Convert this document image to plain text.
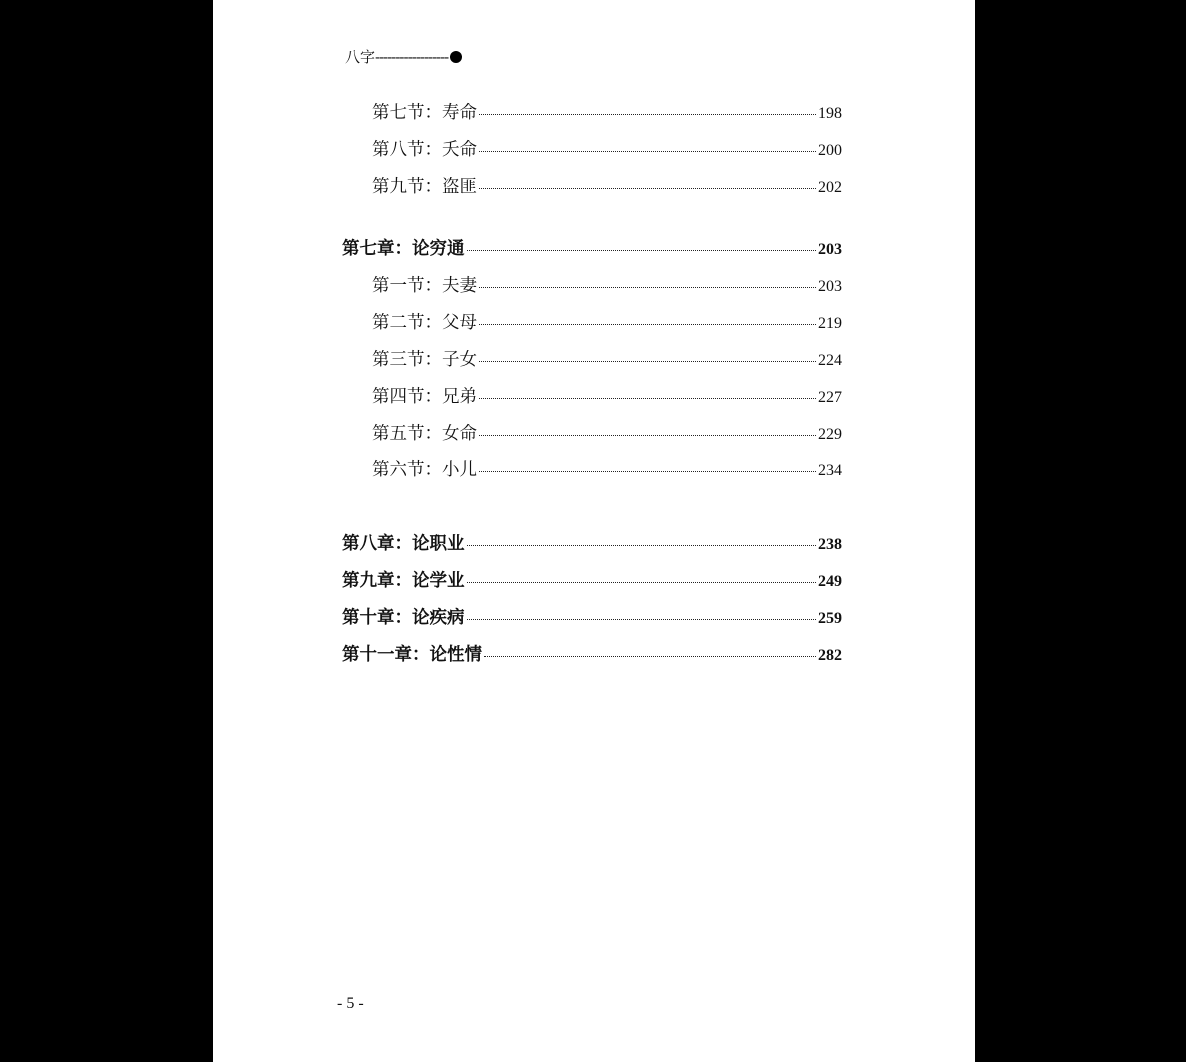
八字 ------------------
第七节：寿命	198
第八节：夭命	200
第九节：盗匪	202
第七章：论穷通	203
第一节：夫妻	203
第二节：父母	219
第三节：子女	224
第四节：兄弟	227
第五节：女命	229
第六节：小儿	234
第八章：论职业	238
第九章：论学业	249
第十章：论疾病	259
第十一章：论性情	282
- 5 -
